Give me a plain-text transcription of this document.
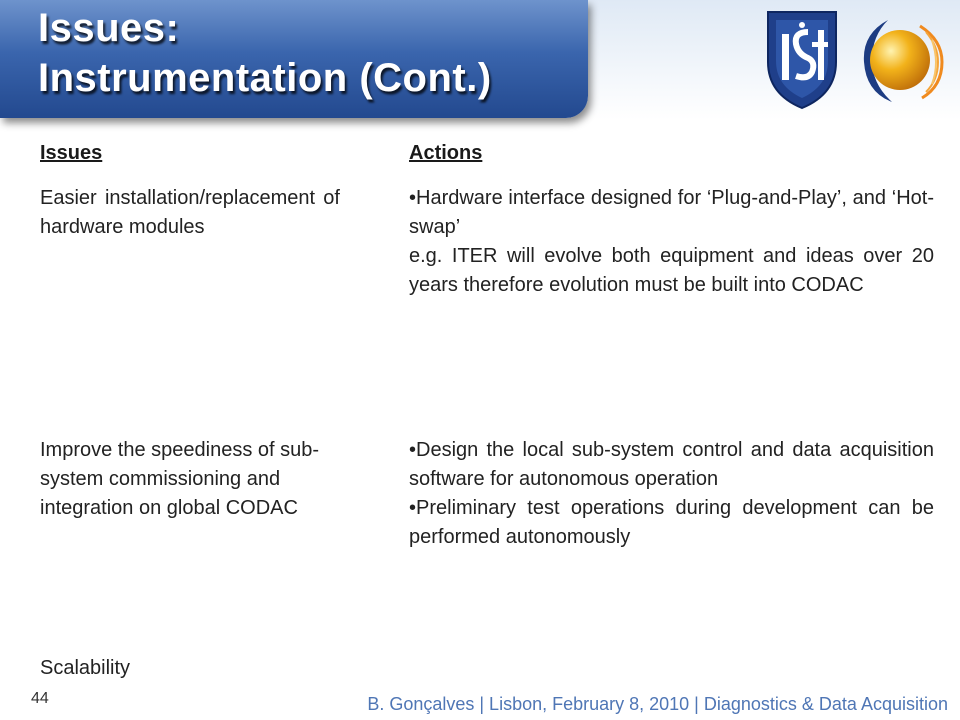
Issues:
Instrumentation (Cont.)
Issues	Actions
Easier installation/replacement of hardware modules

•Hardware interface designed for ‘Plug-and-Play’, and ‘Hot-swap’

e.g. ITER will evolve both equipment and ideas over 20 years therefore evolution must be built into CODAC

Improve the speediness of sub-system commissioning and integration on global CODAC

•Design the local sub-system control and data acquisition software for autonomous operation

•Preliminary test operations during development can be performed autonomously

Scalability
44	B. Gonçalves | Lisbon, February 8, 2010 | Diagnostics & Data Acquisition
